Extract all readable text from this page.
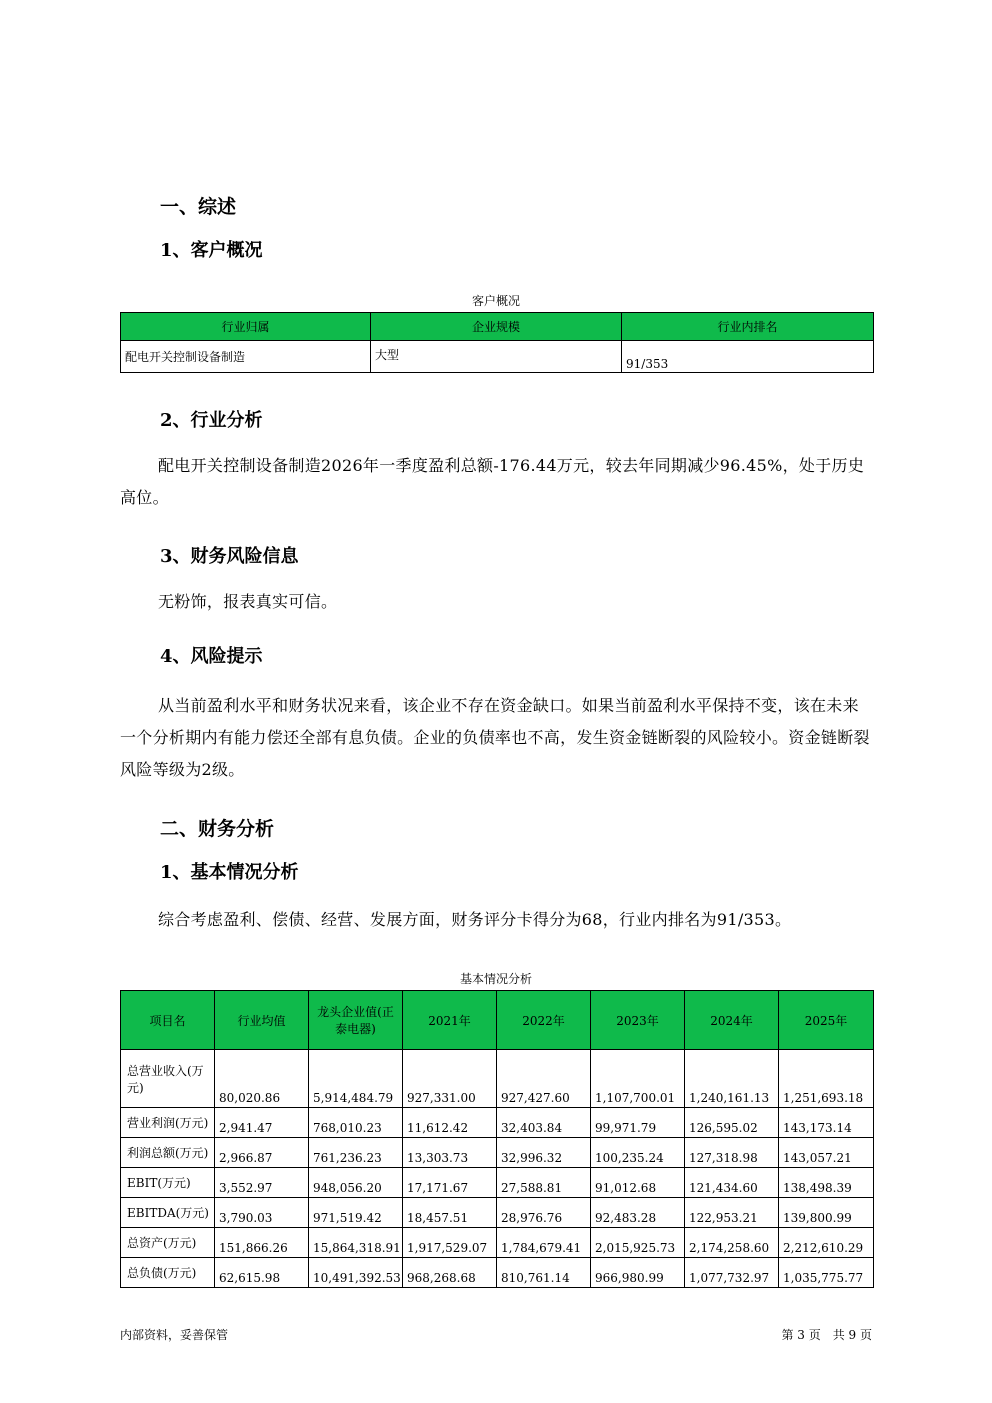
一、综述
1、客户概况
客户概况
行业归属	企业规模	行业内排名
配电开关控制设备制造	大型	91/353
2、行业分析
配电开关控制设备制造2026年一季度盈利总额-176.44万元，较去年同期减少96.45%，处于历史高位。
3、财务风险信息
无粉饰，报表真实可信。
4、风险提示
从当前盈利水平和财务状况来看，该企业不存在资金缺口。如果当前盈利水平保持不变，该在未来一个分析期内有能力偿还全部有息负债。企业的负债率也不高，发生资金链断裂的风险较小。资金链断裂风险等级为2级。
二、财务分析
1、基本情况分析
综合考虑盈利、偿债、经营、发展方面，财务评分卡得分为68，行业内排名为91/353。
基本情况分析
项目名	行业均值	龙头企业值(正泰电器)	2021年	2022年	2023年	2024年	2025年
总营业收入(万元)	80,020.86	5,914,484.79	927,331.00	927,427.60	1,107,700.01	1,240,161.13	1,251,693.18
营业利润(万元)	2,941.47	768,010.23	11,612.42	32,403.84	99,971.79	126,595.02	143,173.14
利润总额(万元)	2,966.87	761,236.23	13,303.73	32,996.32	100,235.24	127,318.98	143,057.21
EBIT(万元)	3,552.97	948,056.20	17,171.67	27,588.81	91,012.68	121,434.60	138,498.39
EBITDA(万元)	3,790.03	971,519.42	18,457.51	28,976.76	92,483.28	122,953.21	139,800.99
总资产(万元)	151,866.26	15,864,318.91	1,917,529.07	1,784,679.41	2,015,925.73	2,174,258.60	2,212,610.29
总负债(万元)	62,615.98	10,491,392.53	968,268.68	810,761.14	966,980.99	1,077,732.97	1,035,775.77
内部资料，妥善保管	第 3 页　共 9 页
